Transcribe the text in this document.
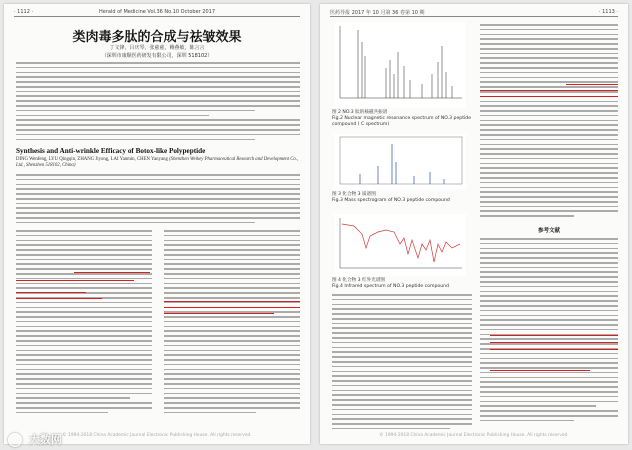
· 1112 ·	Herald of Medicine Vol.36 No.10 October 2017
类肉毒多肽的合成与祛皱效果
丁文锋，吕庆琴，张慈慈，赖燕敏，陈言言
（深圳市康顺医药研发有限公司，深圳 518102）
Synthesis and Anti-wrinkle Efficacy of Botox-like Polypeptide
DING Wenfeng, LYU Qingqin, ZHANG Jiyong, LAI Yanmin, CHEN Yanyang (Shenzhen Weikey Pharmaceutical Research and Development Co., Ltd., Shenzhen 518102, China)
© 1994-2018 China Academic Journal Electronic Publishing House. All rights reserved.
医药导报 2017 年 10 月第 36 卷第 10 期	· 1113 ·
图 2 NO.3 肽的核磁共振谱
Fig.2 Nuclear magnetic resonance spectrum of NO.3 peptide compound ( C spectrum)
图 3 化合物 3 质谱图
Fig.3 Mass spectrogram of NO.3 peptide compound
图 4 化合物 3 红外光谱图
Fig.4 Infrared spectrum of NO.3 peptide compound
参考文献
© 1994-2018 China Academic Journal Electronic Publishing House. All rights reserved.
大数网
